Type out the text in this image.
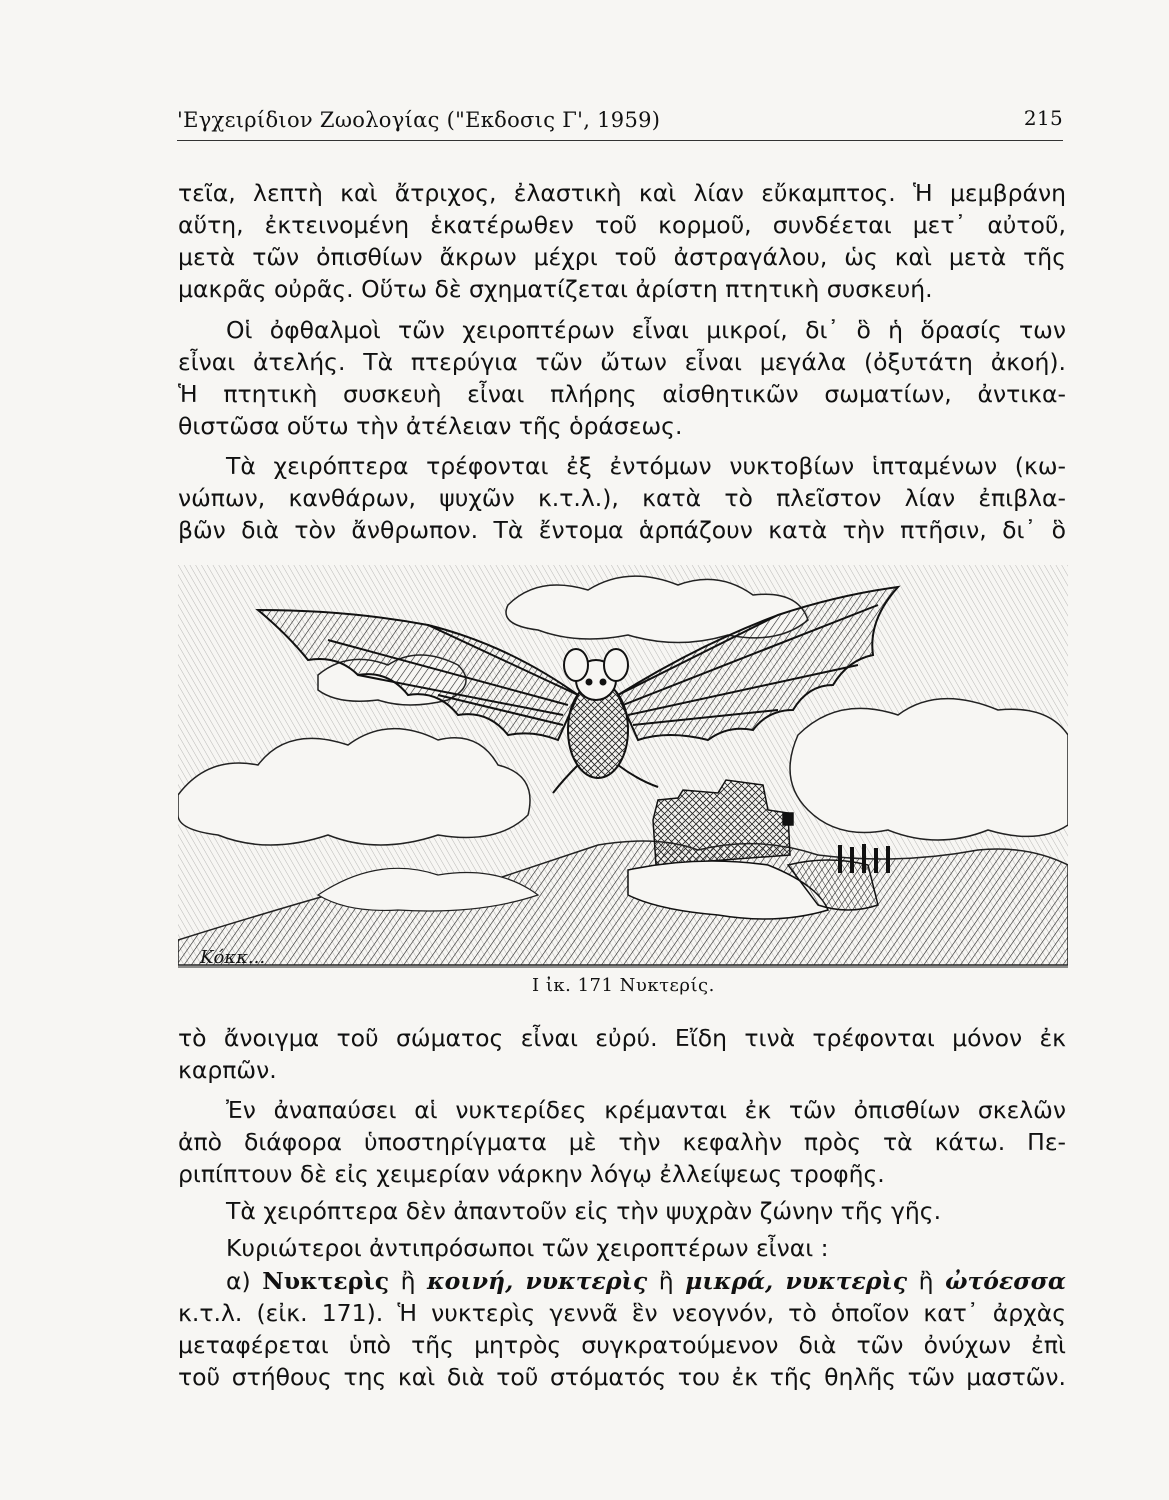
'Εγχειρίδιον Ζωολογίας ("Εκδοσις Γ', 1959)	215

τεῖα, λεπτὴ καὶ ἄτριχος, ἐλαστικὴ καὶ λίαν εὔκαμπτος. Ἡ μεμβράνη
αὕτη, ἐκτεινομένη ἑκατέρωθεν τοῦ κορμοῦ, συνδέεται μετ᾽ αὐτοῦ,
μετὰ τῶν ὀπισθίων ἄκρων μέχρι τοῦ ἀστραγάλου, ὡς καὶ μετὰ τῆς
μακρᾶς οὐρᾶς. Οὕτω δὲ σχηματίζεται ἀρίστη πτητικὴ συσκευή.

Οἱ ὀφθαλμοὶ τῶν χειροπτέρων εἶναι μικροί, δι᾽ ὃ ἡ ὅρασίς των
εἶναι ἀτελής. Τὰ πτερύγια τῶν ὤτων εἶναι μεγάλα (ὀξυτάτη ἀκοή).
Ἡ πτητικὴ συσκευὴ εἶναι πλήρης αἰσθητικῶν σωματίων, ἀντικα-
θιστῶσα οὕτω τὴν ἀτέλειαν τῆς ὁράσεως.

Τὰ χειρόπτερα τρέφονται ἐξ ἐντόμων νυκτοβίων ἱπταμένων (κω-
νώπων, κανθάρων, ψυχῶν κ.τ.λ.), κατὰ τὸ πλεῖστον λίαν ἐπιβλα-
βῶν διὰ τὸν ἄνθρωπον. Τὰ ἔντομα ἁρπάζουν κατὰ τὴν πτῆσιν, δι᾽ ὃ

Κόκκ...
Ι ἰκ. 171 Νυκτερίς.

τὸ ἄνοιγμα τοῦ σώματος εἶναι εὐρύ. Εἴδη τινὰ τρέφονται μόνον ἐκ
καρπῶν.

Ἐν ἀναπαύσει αἱ νυκτερίδες κρέμανται ἐκ τῶν ὀπισθίων σκελῶν
ἀπὸ διάφορα ὑποστηρίγματα μὲ τὴν κεφαλὴν πρὸς τὰ κάτω. Πε-
ριπίπτουν δὲ εἰς χειμερίαν νάρκην λόγῳ ἐλλείψεως τροφῆς.

Τὰ χειρόπτερα δὲν ἀπαντοῦν εἰς τὴν ψυχρὰν ζώνην τῆς γῆς.

Κυριώτεροι ἀντιπρόσωποι τῶν χειροπτέρων εἶναι :

α) Νυκτερὶς ἢ κοινή, νυκτερὶς ἢ μικρά, νυκτερὶς ἢ ὠτόεσσα
κ.τ.λ. (εἰκ. 171). Ἡ νυκτερὶς γεννᾶ ἓν νεογνόν, τὸ ὁποῖον κατ᾽ ἀρχὰς
μεταφέρεται ὑπὸ τῆς μητρὸς συγκρατούμενον διὰ τῶν ὀνύχων ἐπὶ
τοῦ στήθους της καὶ διὰ τοῦ στόματός του ἐκ τῆς θηλῆς τῶν μαστῶν.
